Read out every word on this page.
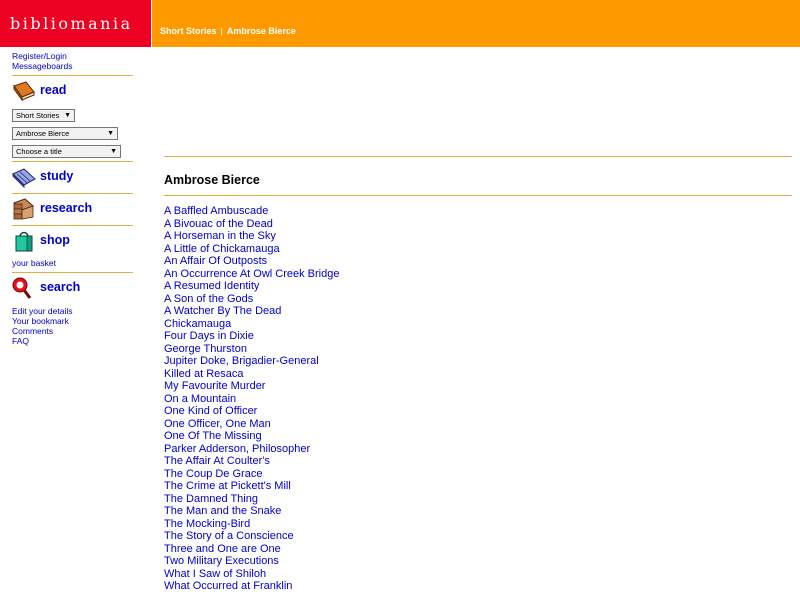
bibliomania	Short Stories | Ambrose Bierce
Register/Login
Messageboards
read
Short Stories ▼
Ambrose Bierce	▼
Choose a title	▼
study
research
shop
your basket
search
Edit your details
Your bookmark
Comments
FAQ
Ambrose Bierce
A Baffled Ambuscade
A Bivouac of the Dead
A Horseman in the Sky
A Little of Chickamauga
An Affair Of Outposts
An Occurrence At Owl Creek Bridge
A Resumed Identity
A Son of the Gods
A Watcher By The Dead
Chickamauga
Four Days in Dixie
George Thurston
Jupiter Doke, Brigadier-General
Killed at Resaca
My Favourite Murder
On a Mountain
One Kind of Officer
One Officer, One Man
One Of The Missing
Parker Adderson, Philosopher
The Affair At Coulter's
The Coup De Grace
The Crime at Pickett's Mill
The Damned Thing
The Man and the Snake
The Mocking-Bird
The Story of a Conscience
Three and One are One
Two Military Executions
What I Saw of Shiloh
What Occurred at Franklin
